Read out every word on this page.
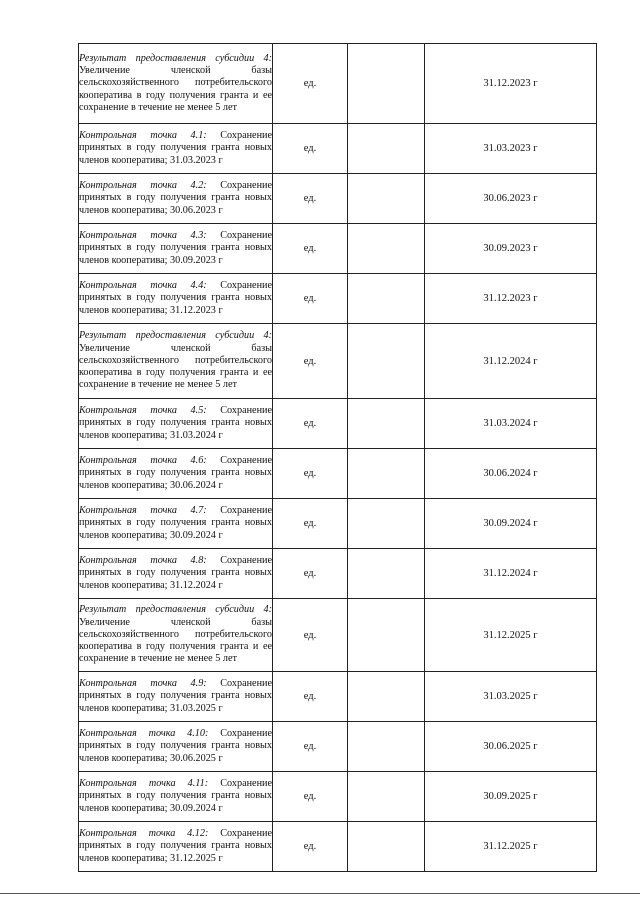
Результат предоставления субсидии 4: Увеличение членской базы сельскохозяйственного потребительского кооператива в году получения гранта и ее сохранение в течение не менее 5 лет	ед.		31.12.2023 г
Контрольная точка 4.1: Сохранение принятых в году получения гранта новых членов кооператива; 31.03.2023 г	ед.		31.03.2023 г
Контрольная точка 4.2: Сохранение принятых в году получения гранта новых членов кооператива; 30.06.2023 г	ед.		30.06.2023 г
Контрольная точка 4.3: Сохранение принятых в году получения гранта новых членов кооператива; 30.09.2023 г	ед.		30.09.2023 г
Контрольная точка 4.4: Сохранение принятых в году получения гранта новых членов кооператива; 31.12.2023 г	ед.		31.12.2023 г
Результат предоставления субсидии 4: Увеличение членской базы сельскохозяйственного потребительского кооператива в году получения гранта и ее сохранение в течение не менее 5 лет	ед.		31.12.2024 г
Контрольная точка 4.5: Сохранение принятых в году получения гранта новых членов кооператива; 31.03.2024 г	ед.		31.03.2024 г
Контрольная точка 4.6: Сохранение принятых в году получения гранта новых членов кооператива; 30.06.2024 г	ед.		30.06.2024 г
Контрольная точка 4.7: Сохранение принятых в году получения гранта новых членов кооператива; 30.09.2024 г	ед.		30.09.2024 г
Контрольная точка 4.8: Сохранение принятых в году получения гранта новых членов кооператива; 31.12.2024 г	ед.		31.12.2024 г
Результат предоставления субсидии 4: Увеличение членской базы сельскохозяйственного потребительского кооператива в году получения гранта и ее сохранение в течение не менее 5 лет	ед.		31.12.2025 г
Контрольная точка 4.9: Сохранение принятых в году получения гранта новых членов кооператива; 31.03.2025 г	ед.		31.03.2025 г
Контрольная точка 4.10: Сохранение принятых в году получения гранта новых членов кооператива; 30.06.2025 г	ед.		30.06.2025 г
Контрольная точка 4.11: Сохранение принятых в году получения гранта новых членов кооператива; 30.09.2024 г	ед.		30.09.2025 г
Контрольная точка 4.12: Сохранение принятых в году получения гранта новых членов кооператива; 31.12.2025 г	ед.		31.12.2025 г
